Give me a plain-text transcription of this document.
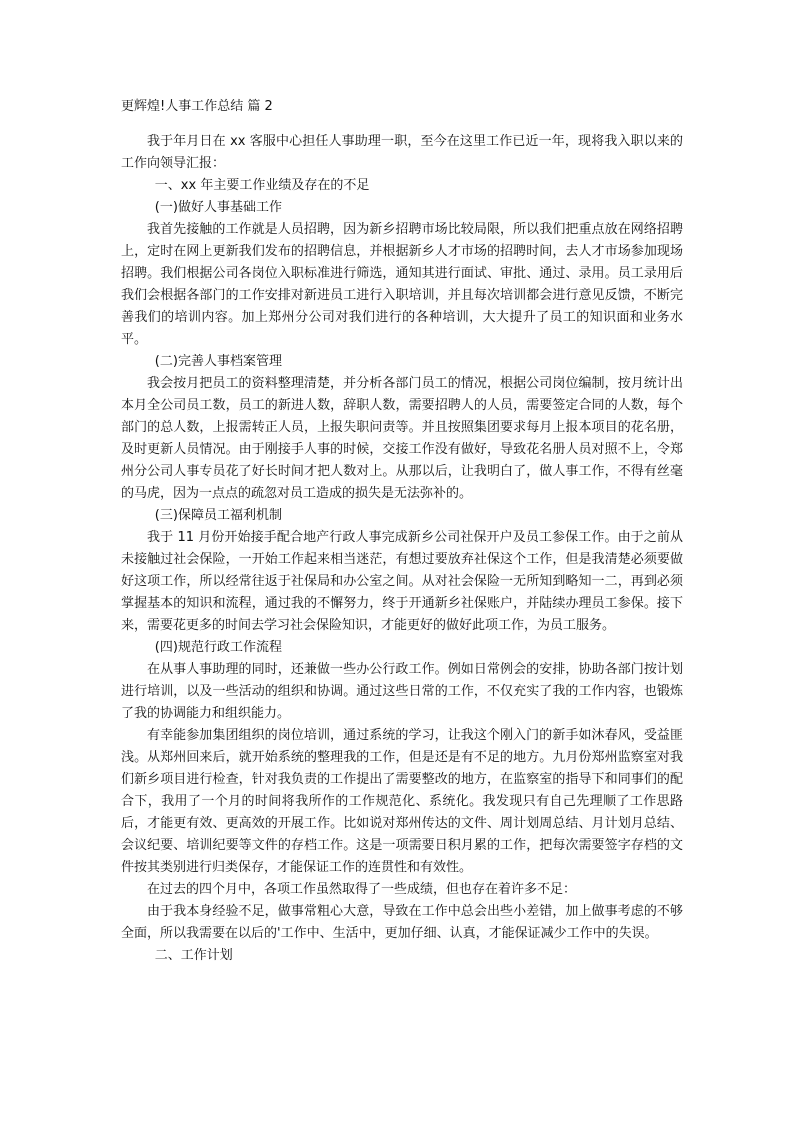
更辉煌!人事工作总结 篇 2

我于年月日在 xx 客服中心担任人事助理一职，至今在这里工作已近一年，现将我入职以来的工作向领导汇报：

一、xx 年主要工作业绩及存在的不足
(一)做好人事基础工作

我首先接触的工作就是人员招聘，因为新乡招聘市场比较局限，所以我们把重点放在网络招聘上，定时在网上更新我们发布的招聘信息，并根据新乡人才市场的招聘时间，去人才市场参加现场招聘。我们根据公司各岗位入职标准进行筛选，通知其进行面试、审批、通过、录用。员工录用后我们会根据各部门的工作安排对新进员工进行入职培训，并且每次培训都会进行意见反馈，不断完善我们的培训内容。加上郑州分公司对我们进行的各种培训，大大提升了员工的知识面和业务水平。

(二)完善人事档案管理

我会按月把员工的资料整理清楚，并分析各部门员工的情况，根据公司岗位编制，按月统计出本月全公司员工数，员工的新进人数，辞职人数，需要招聘人的人员，需要签定合同的人数，每个部门的总人数，上报需转正人员，上报失职问责等。并且按照集团要求每月上报本项目的花名册，及时更新人员情况。由于刚接手人事的时候，交接工作没有做好，导致花名册人员对照不上，令郑州分公司人事专员花了好长时间才把人数对上。从那以后，让我明白了，做人事工作，不得有丝毫的马虎，因为一点点的疏忽对员工造成的损失是无法弥补的。

(三)保障员工福利机制

我于 11 月份开始接手配合地产行政人事完成新乡公司社保开户及员工参保工作。由于之前从未接触过社会保险，一开始工作起来相当迷茫，有想过要放弃社保这个工作，但是我清楚必须要做好这项工作，所以经常往返于社保局和办公室之间。从对社会保险一无所知到略知一二，再到必须掌握基本的知识和流程，通过我的不懈努力，终于开通新乡社保账户，并陆续办理员工参保。接下来，需要花更多的时间去学习社会保险知识，才能更好的做好此项工作，为员工服务。

(四)规范行政工作流程

在从事人事助理的同时，还兼做一些办公行政工作。例如日常例会的安排，协助各部门按计划进行培训，以及一些活动的组织和协调。通过这些日常的工作，不仅充实了我的工作内容，也锻炼了我的协调能力和组织能力。

有幸能参加集团组织的岗位培训，通过系统的学习，让我这个刚入门的新手如沐春风，受益匪浅。从郑州回来后，就开始系统的整理我的工作，但是还是有不足的地方。九月份郑州监察室对我们新乡项目进行检查，针对我负责的工作提出了需要整改的地方，在监察室的指导下和同事们的配合下，我用了一个月的时间将我所作的工作规范化、系统化。我发现只有自己先理顺了工作思路后，才能更有效、更高效的开展工作。比如说对郑州传达的文件、周计划周总结、月计划月总结、会议纪要、培训纪要等文件的存档工作。这是一项需要日积月累的工作，把每次需要签字存档的文件按其类别进行归类保存，才能保证工作的连贯性和有效性。

在过去的四个月中，各项工作虽然取得了一些成绩，但也存在着许多不足：

由于我本身经验不足，做事常粗心大意，导致在工作中总会出些小差错，加上做事考虑的不够全面，所以我需要在以后的'工作中、生活中，更加仔细、认真，才能保证减少工作中的失误。

二、工作计划
